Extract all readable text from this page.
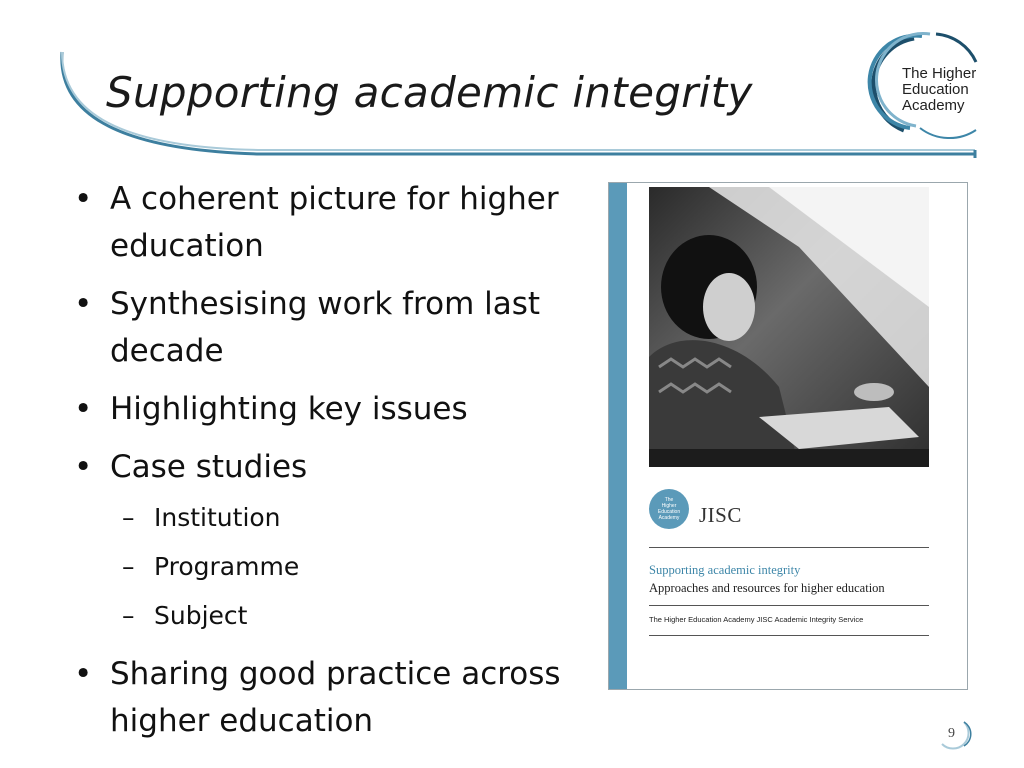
Supporting academic integrity	The Higher
Education
Academy
• A coherent picture for higher education
• Synthesising work from last decade
• Highlighting key issues
• Case studies
– Institution
– Programme
– Subject
• Sharing good practice across higher education
The
Higher
Education
Academy JISC
Supporting academic integrity
Approaches and resources for higher education
The Higher Education Academy JISC Academic Integrity Service
9
